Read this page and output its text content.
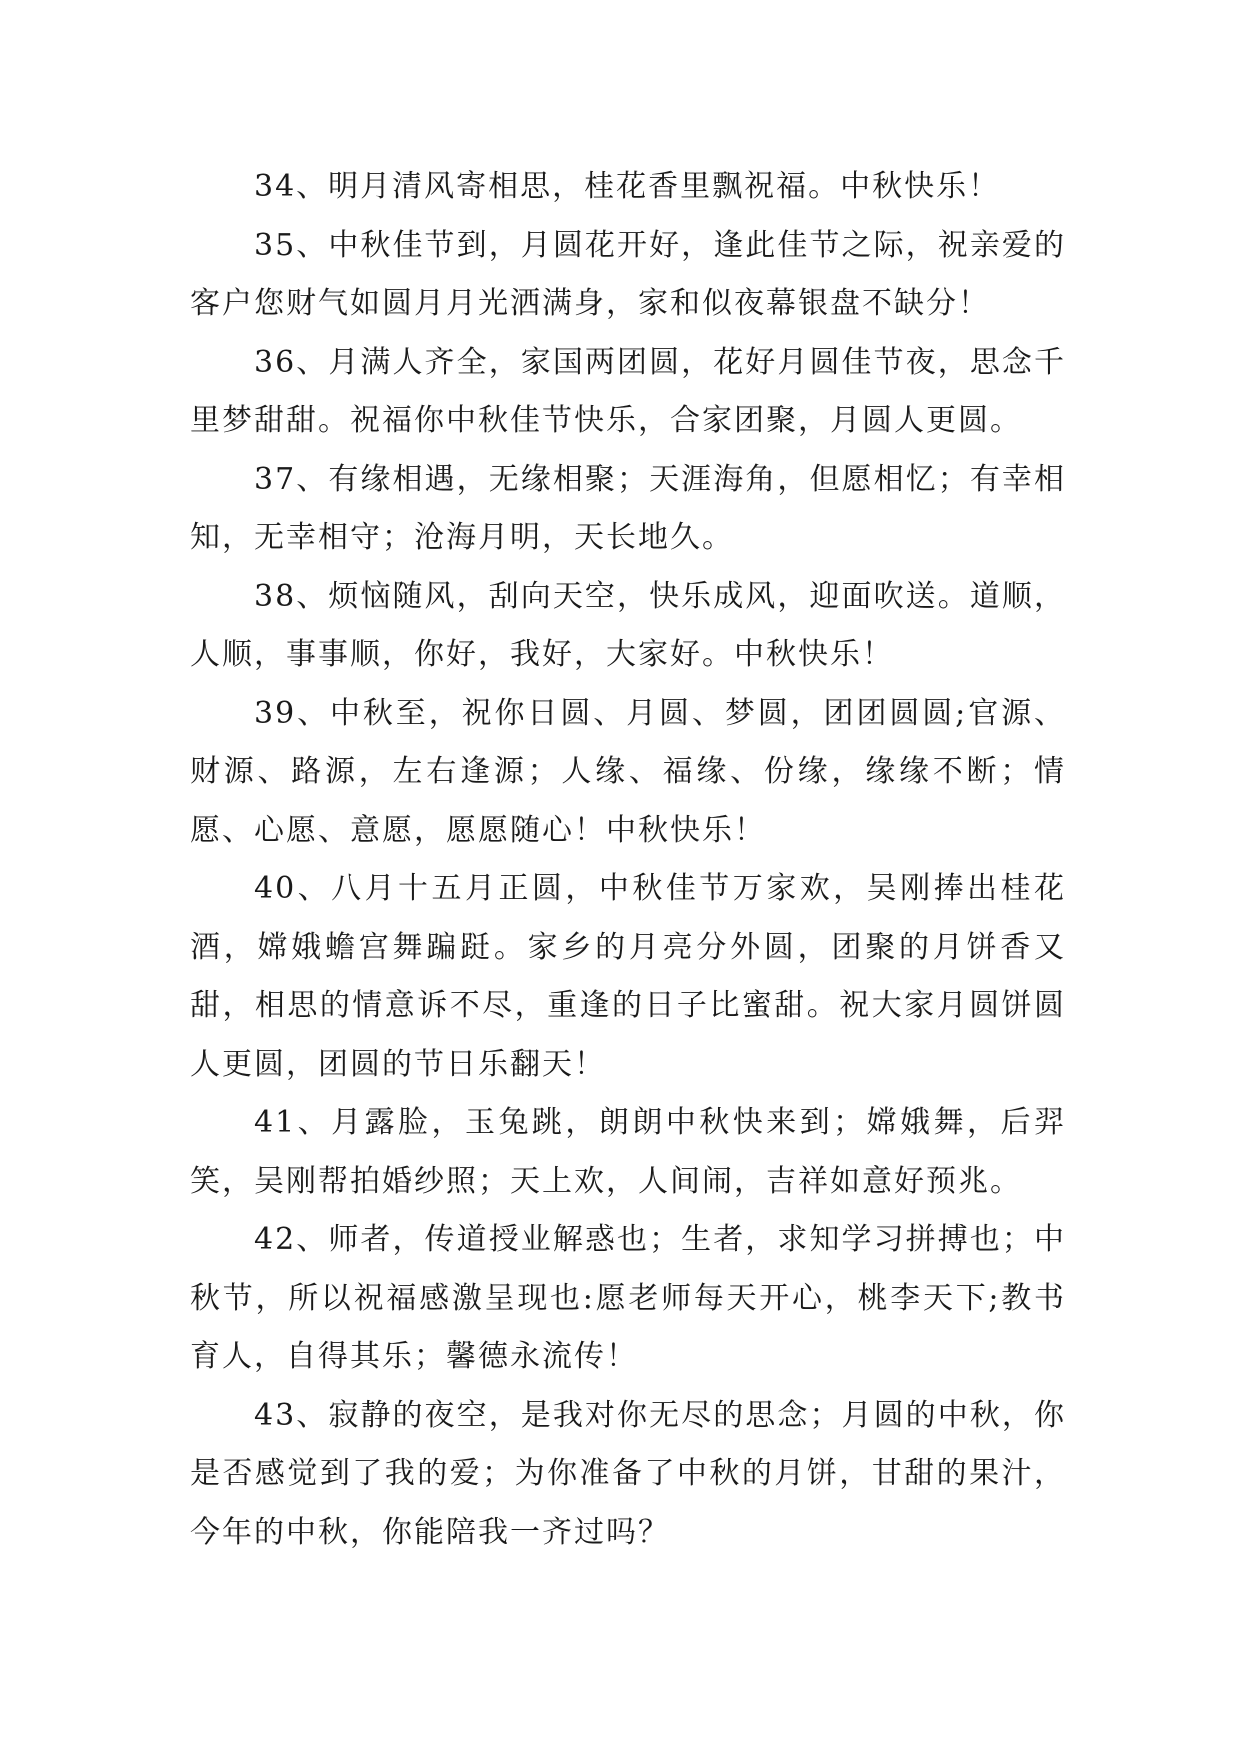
34、明月清风寄相思，桂花香里飘祝福。中秋快乐！

35、中秋佳节到，月圆花开好，逢此佳节之际，祝亲爱的客户您财气如圆月月光洒满身，家和似夜幕银盘不缺分！

36、月满人齐全，家国两团圆，花好月圆佳节夜，思念千里梦甜甜。祝福你中秋佳节快乐，合家团聚，月圆人更圆。

37、有缘相遇，无缘相聚；天涯海角，但愿相忆；有幸相知，无幸相守；沧海月明，天长地久。

38、烦恼随风，刮向天空，快乐成风，迎面吹送。道顺，人顺，事事顺，你好，我好，大家好。中秋快乐！

39、中秋至，祝你日圆、月圆、梦圆，团团圆圆;官源、财源、路源，左右逢源；人缘、福缘、份缘，缘缘不断；情愿、心愿、意愿，愿愿随心！中秋快乐！

40、八月十五月正圆，中秋佳节万家欢，吴刚捧出桂花酒，嫦娥蟾宫舞蹁跹。家乡的月亮分外圆，团聚的月饼香又甜，相思的情意诉不尽，重逢的日子比蜜甜。祝大家月圆饼圆人更圆，团圆的节日乐翻天！

41、月露脸，玉兔跳，朗朗中秋快来到；嫦娥舞，后羿笑，吴刚帮拍婚纱照；天上欢，人间闹，吉祥如意好预兆。

42、师者，传道授业解惑也；生者，求知学习拼搏也；中秋节，所以祝福感激呈现也:愿老师每天开心，桃李天下;教书育人，自得其乐；馨德永流传！

43、寂静的夜空，是我对你无尽的思念；月圆的中秋，你是否感觉到了我的爱；为你准备了中秋的月饼，甘甜的果汁，今年的中秋，你能陪我一齐过吗？
